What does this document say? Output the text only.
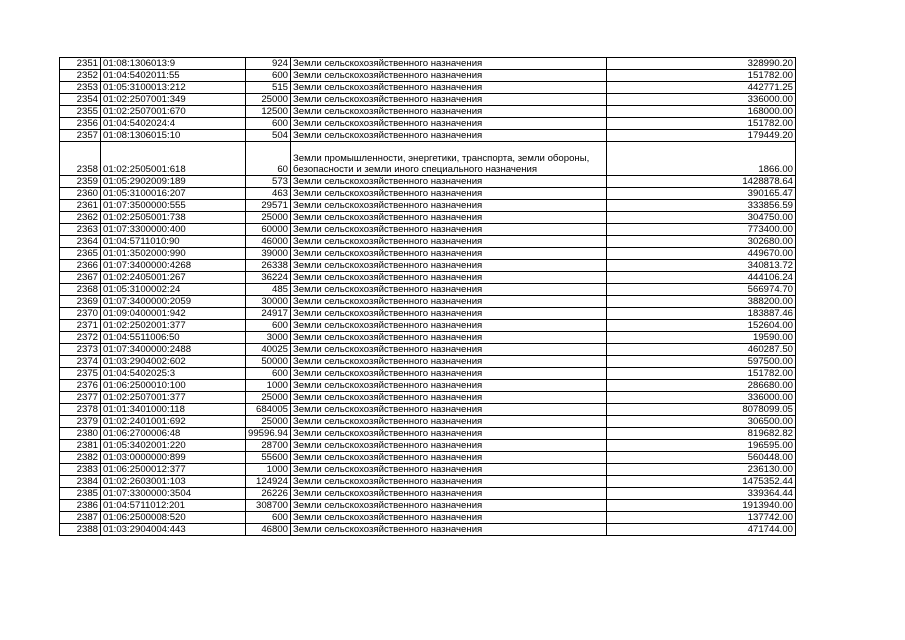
2351	01:08:1306013:9	924	Земли сельскохозяйственного назначения	328990.20
2352	01:04:5402011:55	600	Земли сельскохозяйственного назначения	151782.00
2353	01:05:3100013:212	515	Земли сельскохозяйственного назначения	442771.25
2354	01:02:2507001:349	25000	Земли сельскохозяйственного назначения	336000.00
2355	01:02:2507001:670	12500	Земли сельскохозяйственного назначения	168000.00
2356	01:04:5402024:4	600	Земли сельскохозяйственного назначения	151782.00
2357	01:08:1306015:10	504	Земли сельскохозяйственного назначения	179449.20
2358	01:02:2505001:618	60	Земли промышленности, энергетики, транспорта, земли обороны, безопасности и земли иного специального назначения	1866.00
2359	01:05:2902009:189	573	Земли сельскохозяйственного назначения	1428878.64
2360	01:05:3100016:207	463	Земли сельскохозяйственного назначения	390165.47
2361	01:07:3500000:555	29571	Земли сельскохозяйственного назначения	333856.59
2362	01:02:2505001:738	25000	Земли сельскохозяйственного назначения	304750.00
2363	01:07:3300000:400	60000	Земли сельскохозяйственного назначения	773400.00
2364	01:04:5711010:90	46000	Земли сельскохозяйственного назначения	302680.00
2365	01:01:3502000:990	39000	Земли сельскохозяйственного назначения	449670.00
2366	01:07:3400000:4268	26338	Земли сельскохозяйственного назначения	340813.72
2367	01:02:2405001:267	36224	Земли сельскохозяйственного назначения	444106.24
2368	01:05:3100002:24	485	Земли сельскохозяйственного назначения	566974.70
2369	01:07:3400000:2059	30000	Земли сельскохозяйственного назначения	388200.00
2370	01:09:0400001:942	24917	Земли сельскохозяйственного назначения	183887.46
2371	01:02:2502001:377	600	Земли сельскохозяйственного назначения	152604.00
2372	01:04:5511006:50	3000	Земли сельскохозяйственного назначения	19590.00
2373	01:07:3400000:2488	40025	Земли сельскохозяйственного назначения	460287.50
2374	01:03:2904002:602	50000	Земли сельскохозяйственного назначения	597500.00
2375	01:04:5402025:3	600	Земли сельскохозяйственного назначения	151782.00
2376	01:06:2500010:100	1000	Земли сельскохозяйственного назначения	286680.00
2377	01:02:2507001:377	25000	Земли сельскохозяйственного назначения	336000.00
2378	01:01:3401000:118	684005	Земли сельскохозяйственного назначения	8078099.05
2379	01:02:2401001:692	25000	Земли сельскохозяйственного назначения	306500.00
2380	01:06:2700006:48	99596.94	Земли сельскохозяйственного назначения	819682.82
2381	01:05:3402001:220	28700	Земли сельскохозяйственного назначения	196595.00
2382	01:03:0000000:899	55600	Земли сельскохозяйственного назначения	560448.00
2383	01:06:2500012:377	1000	Земли сельскохозяйственного назначения	236130.00
2384	01:02:2603001:103	124924	Земли сельскохозяйственного назначения	1475352.44
2385	01:07:3300000:3504	26226	Земли сельскохозяйственного назначения	339364.44
2386	01:04:5711012:201	308700	Земли сельскохозяйственного назначения	1913940.00
2387	01:06:2500008:520	600	Земли сельскохозяйственного назначения	137742.00
2388	01:03:2904004:443	46800	Земли сельскохозяйственного назначения	471744.00
